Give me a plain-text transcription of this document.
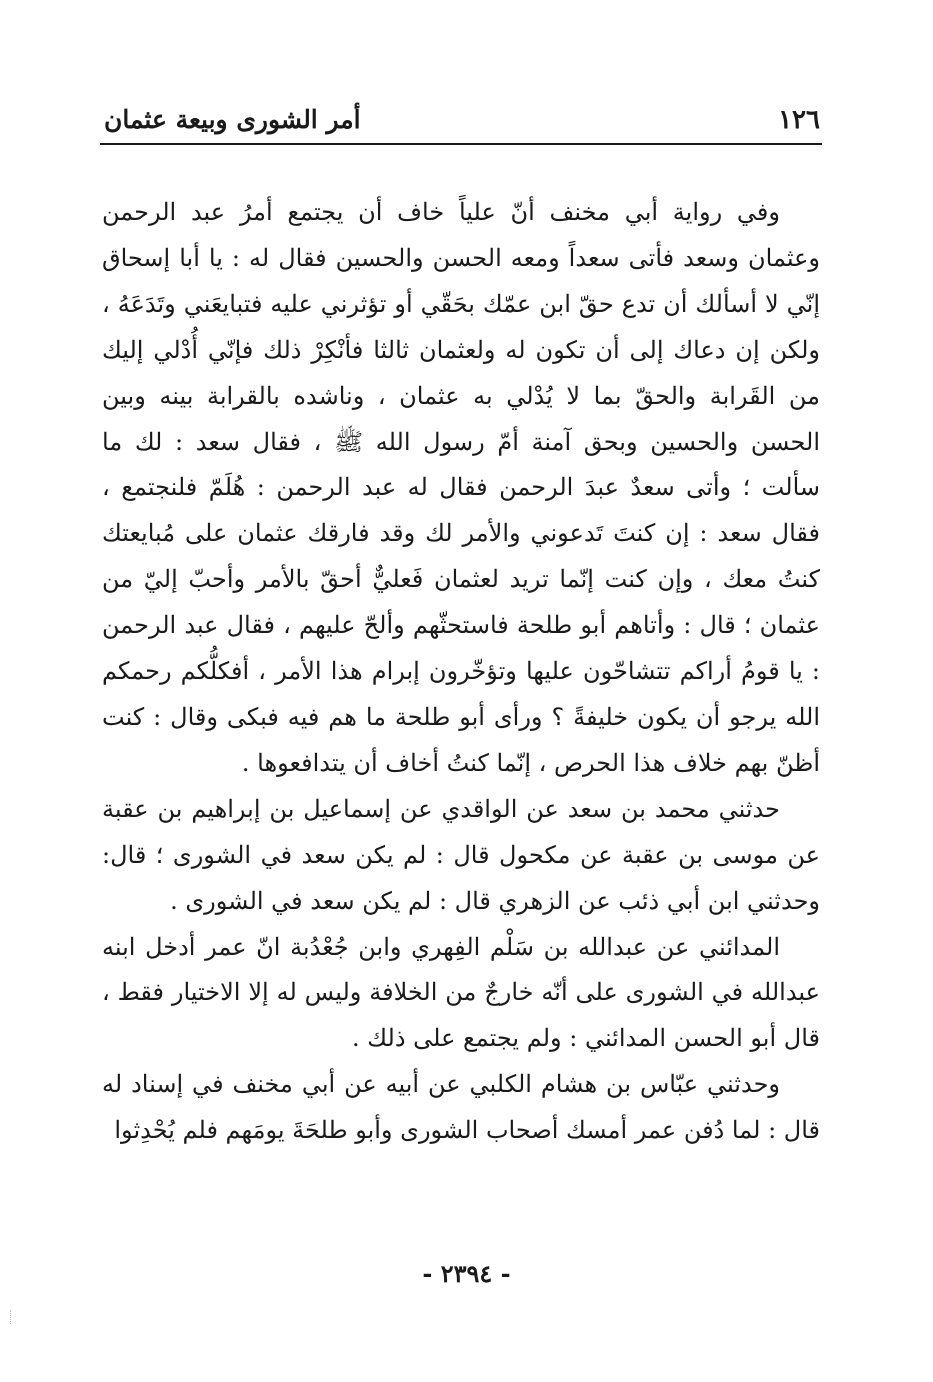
١٢٦
أمر الشورى وبيعة عثمان

وفي رواية أبي مخنف أنّ علياً خاف أن يجتمع أمرُ عبد الرحمن وعثمان وسعد فأتى سعداً ومعه الحسن والحسين فقال له : يا أبا إسحاق إنّي لا أسألك أن تدع حقّ ابن عمّك بحَقّي أو تؤثرني عليه فتبايعَني وتَدَعَهُ ، ولكن إن دعاك إلى أن تكون له ولعثمان ثالثا فأنْكِرْ ذلك فإنّي أُدْلي إليك من القَرابة والحقّ بما لا يُدْلي به عثمان ، وناشده بالقرابة بينه وبين الحسن والحسين وبحق آمنة أمّ رسول الله ﷺ ، فقال سعد : لك ما سألت ؛ وأتى سعدٌ عبدَ الرحمن فقال له عبد الرحمن : هُلَمّ فلنجتمع ، فقال سعد : إن كنتَ تَدعوني والأمر لك وقد فارقك عثمان على مُبايعتك كنتُ معك ، وإن كنت إنّما تريد لعثمان فَعليٌّ أحقّ بالأمر وأحبّ إليّ من عثمان ؛ قال : وأتاهم أبو طلحة فاستحثّهم وألحّ عليهم ، فقال عبد الرحمن : يا قومُ أراكم تتشاحّون عليها وتؤخّرون إبرام هذا الأمر ، أفكلُّكم رحمكم الله يرجو أن يكون خليفةً ؟ ورأى أبو طلحة ما هم فيه فبكى وقال : كنت أظنّ بهم خلاف هذا الحرص ، إنّما كنتُ أخاف أن يتدافعوها .

حدثني محمد بن سعد عن الواقدي عن إسماعيل بن إبراهيم بن عقبة عن موسى بن عقبة عن مكحول قال : لم يكن سعد في الشورى ؛ قال: وحدثني ابن أبي ذئب عن الزهري قال : لم يكن سعد في الشورى .

المدائني عن عبدالله بن سَلْم الفِهري وابن جُعْدُبة انّ عمر أدخل ابنه عبدالله في الشورى على أنّه خارجٌ من الخلافة وليس له إلا الاختيار فقط ، قال أبو الحسن المدائني : ولم يجتمع على ذلك .

وحدثني عبّاس بن هشام الكلبي عن أبيه عن أبي مخنف في إسناد له قال : لما دُفن عمر أمسك أصحاب الشورى وأبو طلحَةَ يومَهم فلم يُحْدِثوا

- ٢٣٩٤ -
